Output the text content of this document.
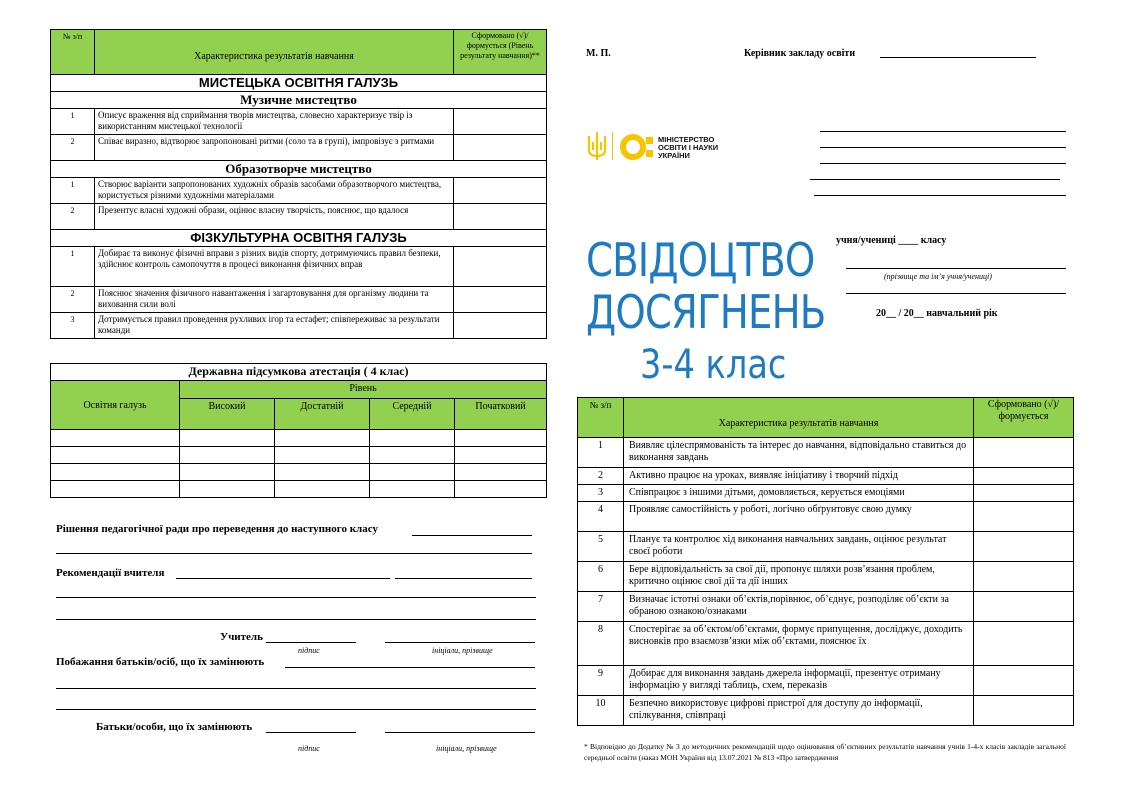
№ з/п	Характеристика результатів навчання	Сформовано (√)/ формується (Рівень результату навчання)**
МИСТЕЦЬКА ОСВІТНЯ ГАЛУЗЬ		
Музичне мистецтво		
1	Описує враження від сприймання творів мистецтва, словесно характеризує твір із використанням мистецької технології	
2	Співає виразно, відтворює запропоновані ритми (соло та в групі), імпровізує з ритмами	
Образотворче мистецтво		
1	Створює варіанти запропонованих художніх образів засобами образотворчого мистецтва, користується різними художніми матеріалами	
2	Презентує власні художні образи, оцінює власну творчість, пояснює, що вдалося	
ФІЗКУЛЬТУРНА ОСВІТНЯ ГАЛУЗЬ		
1	Добирає та виконує фізичні вправи з різних видів спорту, дотримуючись правил безпеки, здійснює контроль самопочуття в процесі виконання фізичних вправ	
2	Пояснює значення фізичного навантаження і загартовування для організму людини та виховання сили волі	
3	Дотримується правил проведення рухливих ігор та естафет; співпереживає за результати команди	
Державна підсумкова атестація ( 4 клас)				
Освітня галузь	Рівень			
	Високий	Достатній	Середній	Початковий

Рішення педагогічної ради про переведення до наступного класу
Рекомендації вчителя
Учитель
підпис	ініціали, прізвище
Побажання батьків/осіб, що їх замінюють
Батьки/особи, що їх замінюють
підпис	ініціали, прізвище
М. П.	Керівник закладу освіти
МІНІСТЕРСТВО
ОСВІТИ І НАУКИ
УКРАЇНИ
СВІДОЦТВО
ДОСЯГНЕНЬ
3-4 клас
учня/учениці ____ класу
(прізвище та ім’я учня/учениці)
20__ / 20__ навчальний рік
№ з/п	Характеристика результатів навчання	Сформовано (√)/ формується
1	Виявляє цілеспрямованість та інтерес до навчання, відповідально ставиться до виконання завдань	
2	Активно працює на уроках, виявляє ініціативу і творчий підхід	
3	Співпрацює з іншими дітьми, домовляється, керується емоціями	
4	Проявляє самостійність у роботі, логічно обґрунтовує свою думку	
5	Планує та контролює хід виконання навчальних завдань, оцінює результат своєї роботи	
6	Бере відповідальність за свої дії, пропонує шляхи розв’язання проблем, критично оцінює свої дії та дії інших	
7	Визначає істотні ознаки об’єктів,порівнює, об’єднує, розподіляє об’єкти за обраною ознакою/ознаками	
8	Спостерігає за об’єктом/об’єктами, формує припущення, досліджує, доходить висновків про взаємозв’язки між об’єктами, пояснює їх	
9	Добирає для виконання завдань джерела інформації, презентує отриману інформацію у вигляді таблиць, схем, переказів	
10	Безпечно використовує цифрові пристрої для доступу до інформації, спілкування, співпраці	
* Відповідно до Додатку № 3 до методичних рекомендацій щодо оцінювання об’єктивних результатів навчання учнів 1-4-х класів закладів загальної середньої освіти (наказ МОН України від 13.07.2021 № 813 «Про затвердження
